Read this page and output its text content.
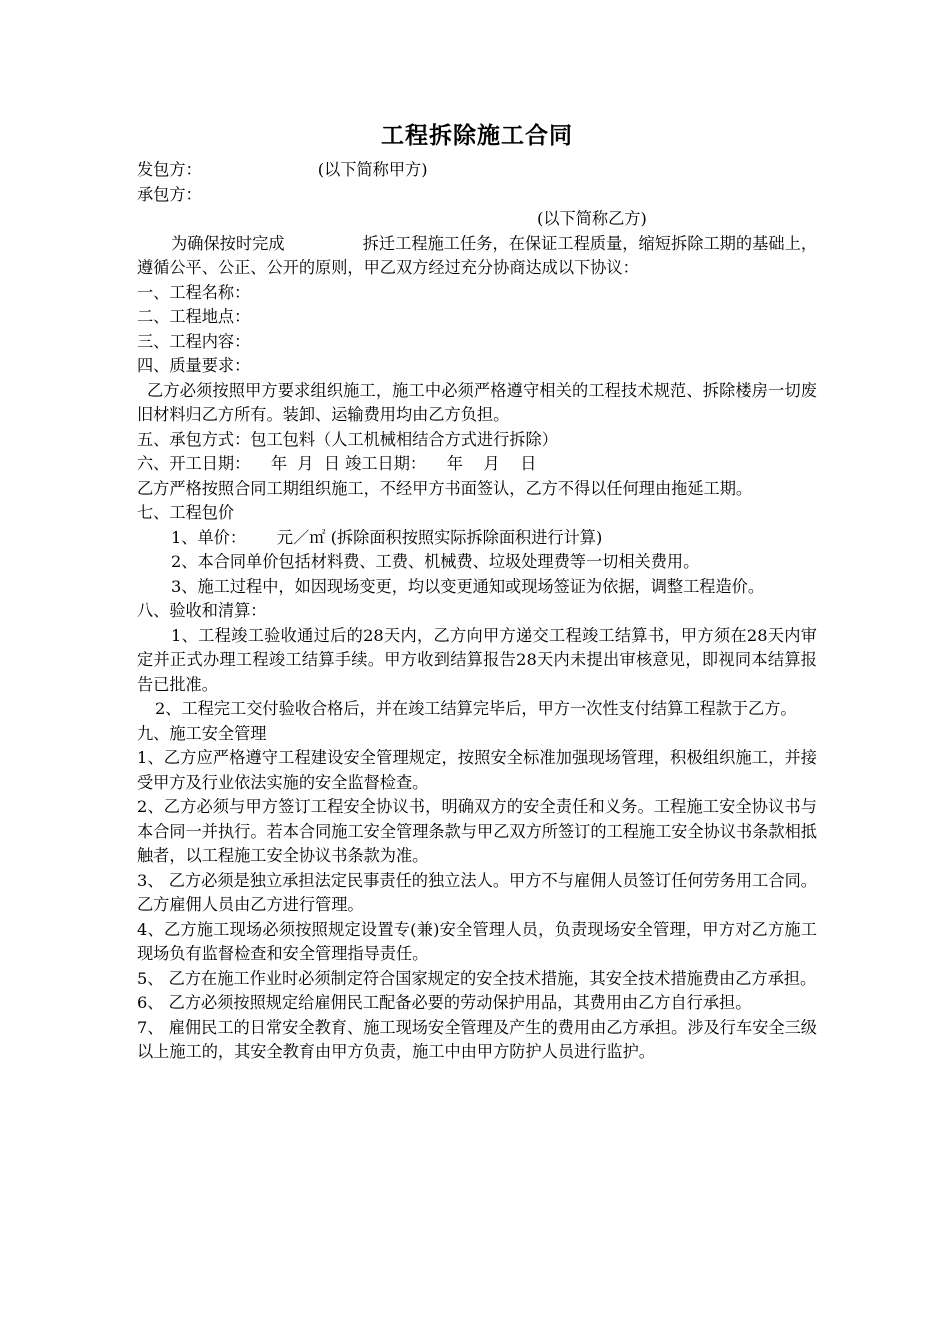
工程拆除施工合同
发包方：	(以下简称甲方)
承包方：
(以下简称乙方)
为确保按时完成	拆迁工程施工任务，在保证工程质量，缩短拆除工期的基础上，遵循公平、公正、公开的原则，甲乙双方经过充分协商达成以下协议：
一、工程名称：
二、工程地点：
三、工程内容：
四、质量要求：
乙方必须按照甲方要求组织施工，施工中必须严格遵守相关的工程技术规范、拆除楼房一切废旧材料归乙方所有。装卸、运输费用均由乙方负担。
五、承包方式：包工包料（人工机械相结合方式进行拆除）
六、开工日期：    年  月  日 竣工日期：    年    月    日
乙方严格按照合同工期组织施工，不经甲方书面签认，乙方不得以任何理由拖延工期。
七、工程包价
1、单价：      元／㎡ (拆除面积按照实际拆除面积进行计算)
2、本合同单价包括材料费、工费、机械费、垃圾处理费等一切相关费用。
3、施工过程中，如因现场变更，均以变更通知或现场签证为依据，调整工程造价。
八、验收和清算：
1、工程竣工验收通过后的28天内，乙方向甲方递交工程竣工结算书，甲方须在28天内审定并正式办理工程竣工结算手续。甲方收到结算报告28天内未提出审核意见，即视同本结算报告已批准。
2、工程完工交付验收合格后，并在竣工结算完毕后，甲方一次性支付结算工程款于乙方。
九、施工安全管理
1、乙方应严格遵守工程建设安全管理规定，按照安全标准加强现场管理，积极组织施工，并接受甲方及行业依法实施的安全监督检查。
2、乙方必须与甲方签订工程安全协议书，明确双方的安全责任和义务。工程施工安全协议书与本合同一并执行。若本合同施工安全管理条款与甲乙双方所签订的工程施工安全协议书条款相抵触者，以工程施工安全协议书条款为准。
3、 乙方必须是独立承担法定民事责任的独立法人。甲方不与雇佣人员签订任何劳务用工合同。乙方雇佣人员由乙方进行管理。
4、乙方施工现场必须按照规定设置专(兼)安全管理人员，负责现场安全管理，甲方对乙方施工现场负有监督检查和安全管理指导责任。
5、 乙方在施工作业时必须制定符合国家规定的安全技术措施，其安全技术措施费由乙方承担。
6、 乙方必须按照规定给雇佣民工配备必要的劳动保护用品，其费用由乙方自行承担。
7、 雇佣民工的日常安全教育、施工现场安全管理及产生的费用由乙方承担。涉及行车安全三级以上施工的，其安全教育由甲方负责，施工中由甲方防护人员进行监护。
